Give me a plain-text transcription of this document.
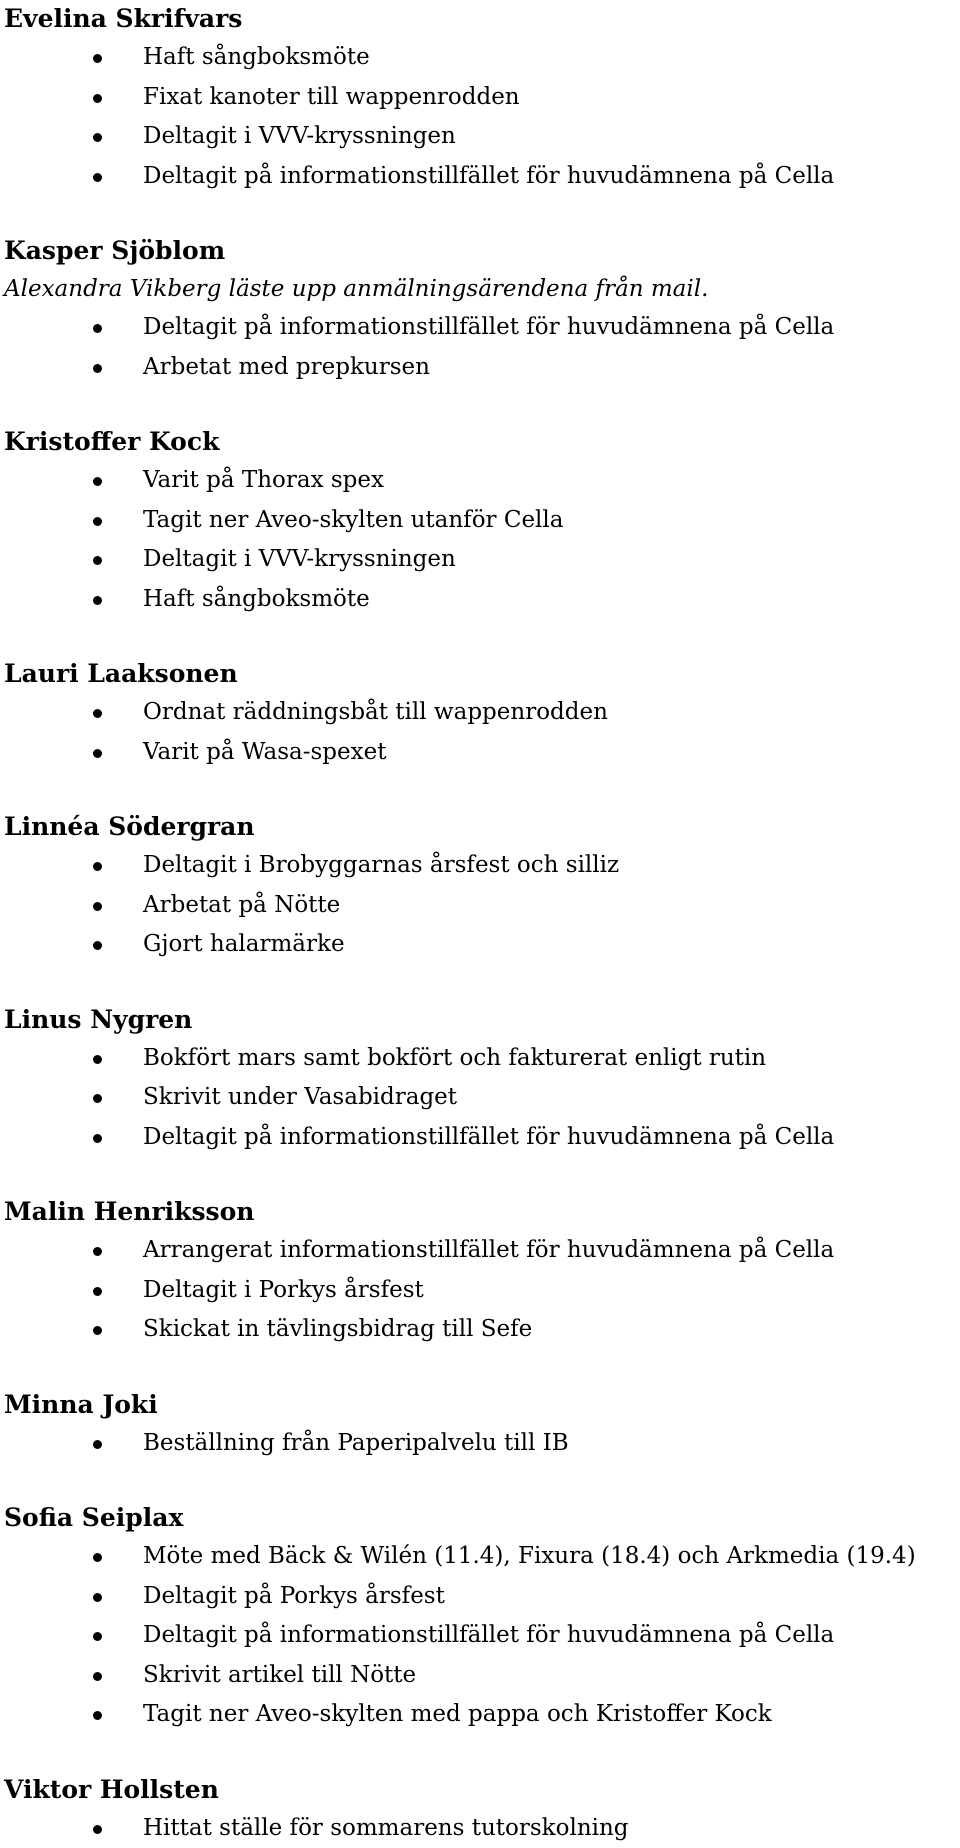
Evelina Skrifvars
Haft sångboksmöte
Fixat kanoter till wappenrodden
Deltagit i VVV-kryssningen
Deltagit på informationstillfället för huvudämnena på Cella
Kasper Sjöblom
Alexandra Vikberg läste upp anmälningsärendena från mail.
Deltagit på informationstillfället för huvudämnena på Cella
Arbetat med prepkursen
Kristoffer Kock
Varit på Thorax spex
Tagit ner Aveo-skylten utanför Cella
Deltagit i VVV-kryssningen
Haft sångboksmöte
Lauri Laaksonen
Ordnat räddningsbåt till wappenrodden
Varit på Wasa-spexet
Linnéa Södergran
Deltagit i Brobyggarnas årsfest och silliz
Arbetat på Nötte
Gjort halarmärke
Linus Nygren
Bokfört mars samt bokfört och fakturerat enligt rutin
Skrivit under Vasabidraget
Deltagit på informationstillfället för huvudämnena på Cella
Malin Henriksson
Arrangerat informationstillfället för huvudämnena på Cella
Deltagit i Porkys årsfest
Skickat in tävlingsbidrag till Sefe
Minna Joki
Beställning från Paperipalvelu till IB
Sofia Seiplax
Möte med Bäck & Wilén (11.4), Fixura (18.4) och Arkmedia (19.4)
Deltagit på Porkys årsfest
Deltagit på informationstillfället för huvudämnena på Cella
Skrivit artikel till Nötte
Tagit ner Aveo-skylten med pappa och Kristoffer Kock
Viktor Hollsten
Hittat ställe för sommarens tutorskolning
